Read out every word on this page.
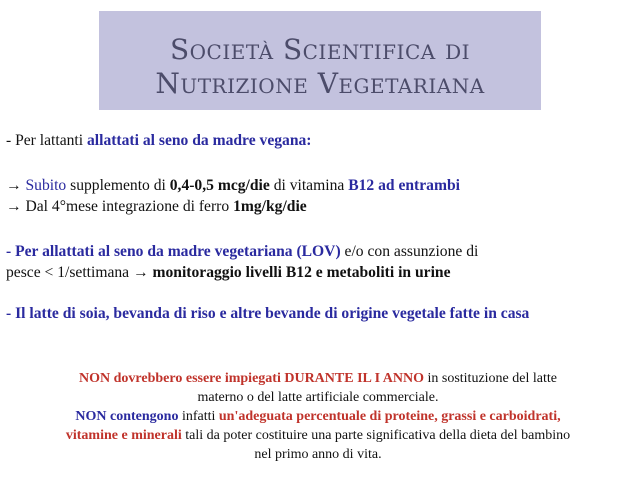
Società Scientifica di
Nutrizione Vegetariana
- Per lattanti allattati al seno da madre vegana:
→ Subito supplemento di 0,4-0,5 mcg/die di vitamina B12 ad entrambi
→ Dal 4°mese integrazione di ferro 1mg/kg/die
- Per allattati al seno da madre vegetariana (LOV) e/o con assunzione di
pesce < 1/settimana → monitoraggio livelli B12 e metaboliti in urine
- Il latte di soia, bevanda di riso e altre bevande di origine vegetale fatte in casa
NON dovrebbero essere impiegati DURANTE IL I ANNO in sostituzione del latte
materno o del latte artificiale commerciale.
NON contengono infatti un'adeguata percentuale di proteine, grassi e carboidrati,
vitamine e minerali tali da poter costituire una parte significativa della dieta del bambino
nel primo anno di vita.
